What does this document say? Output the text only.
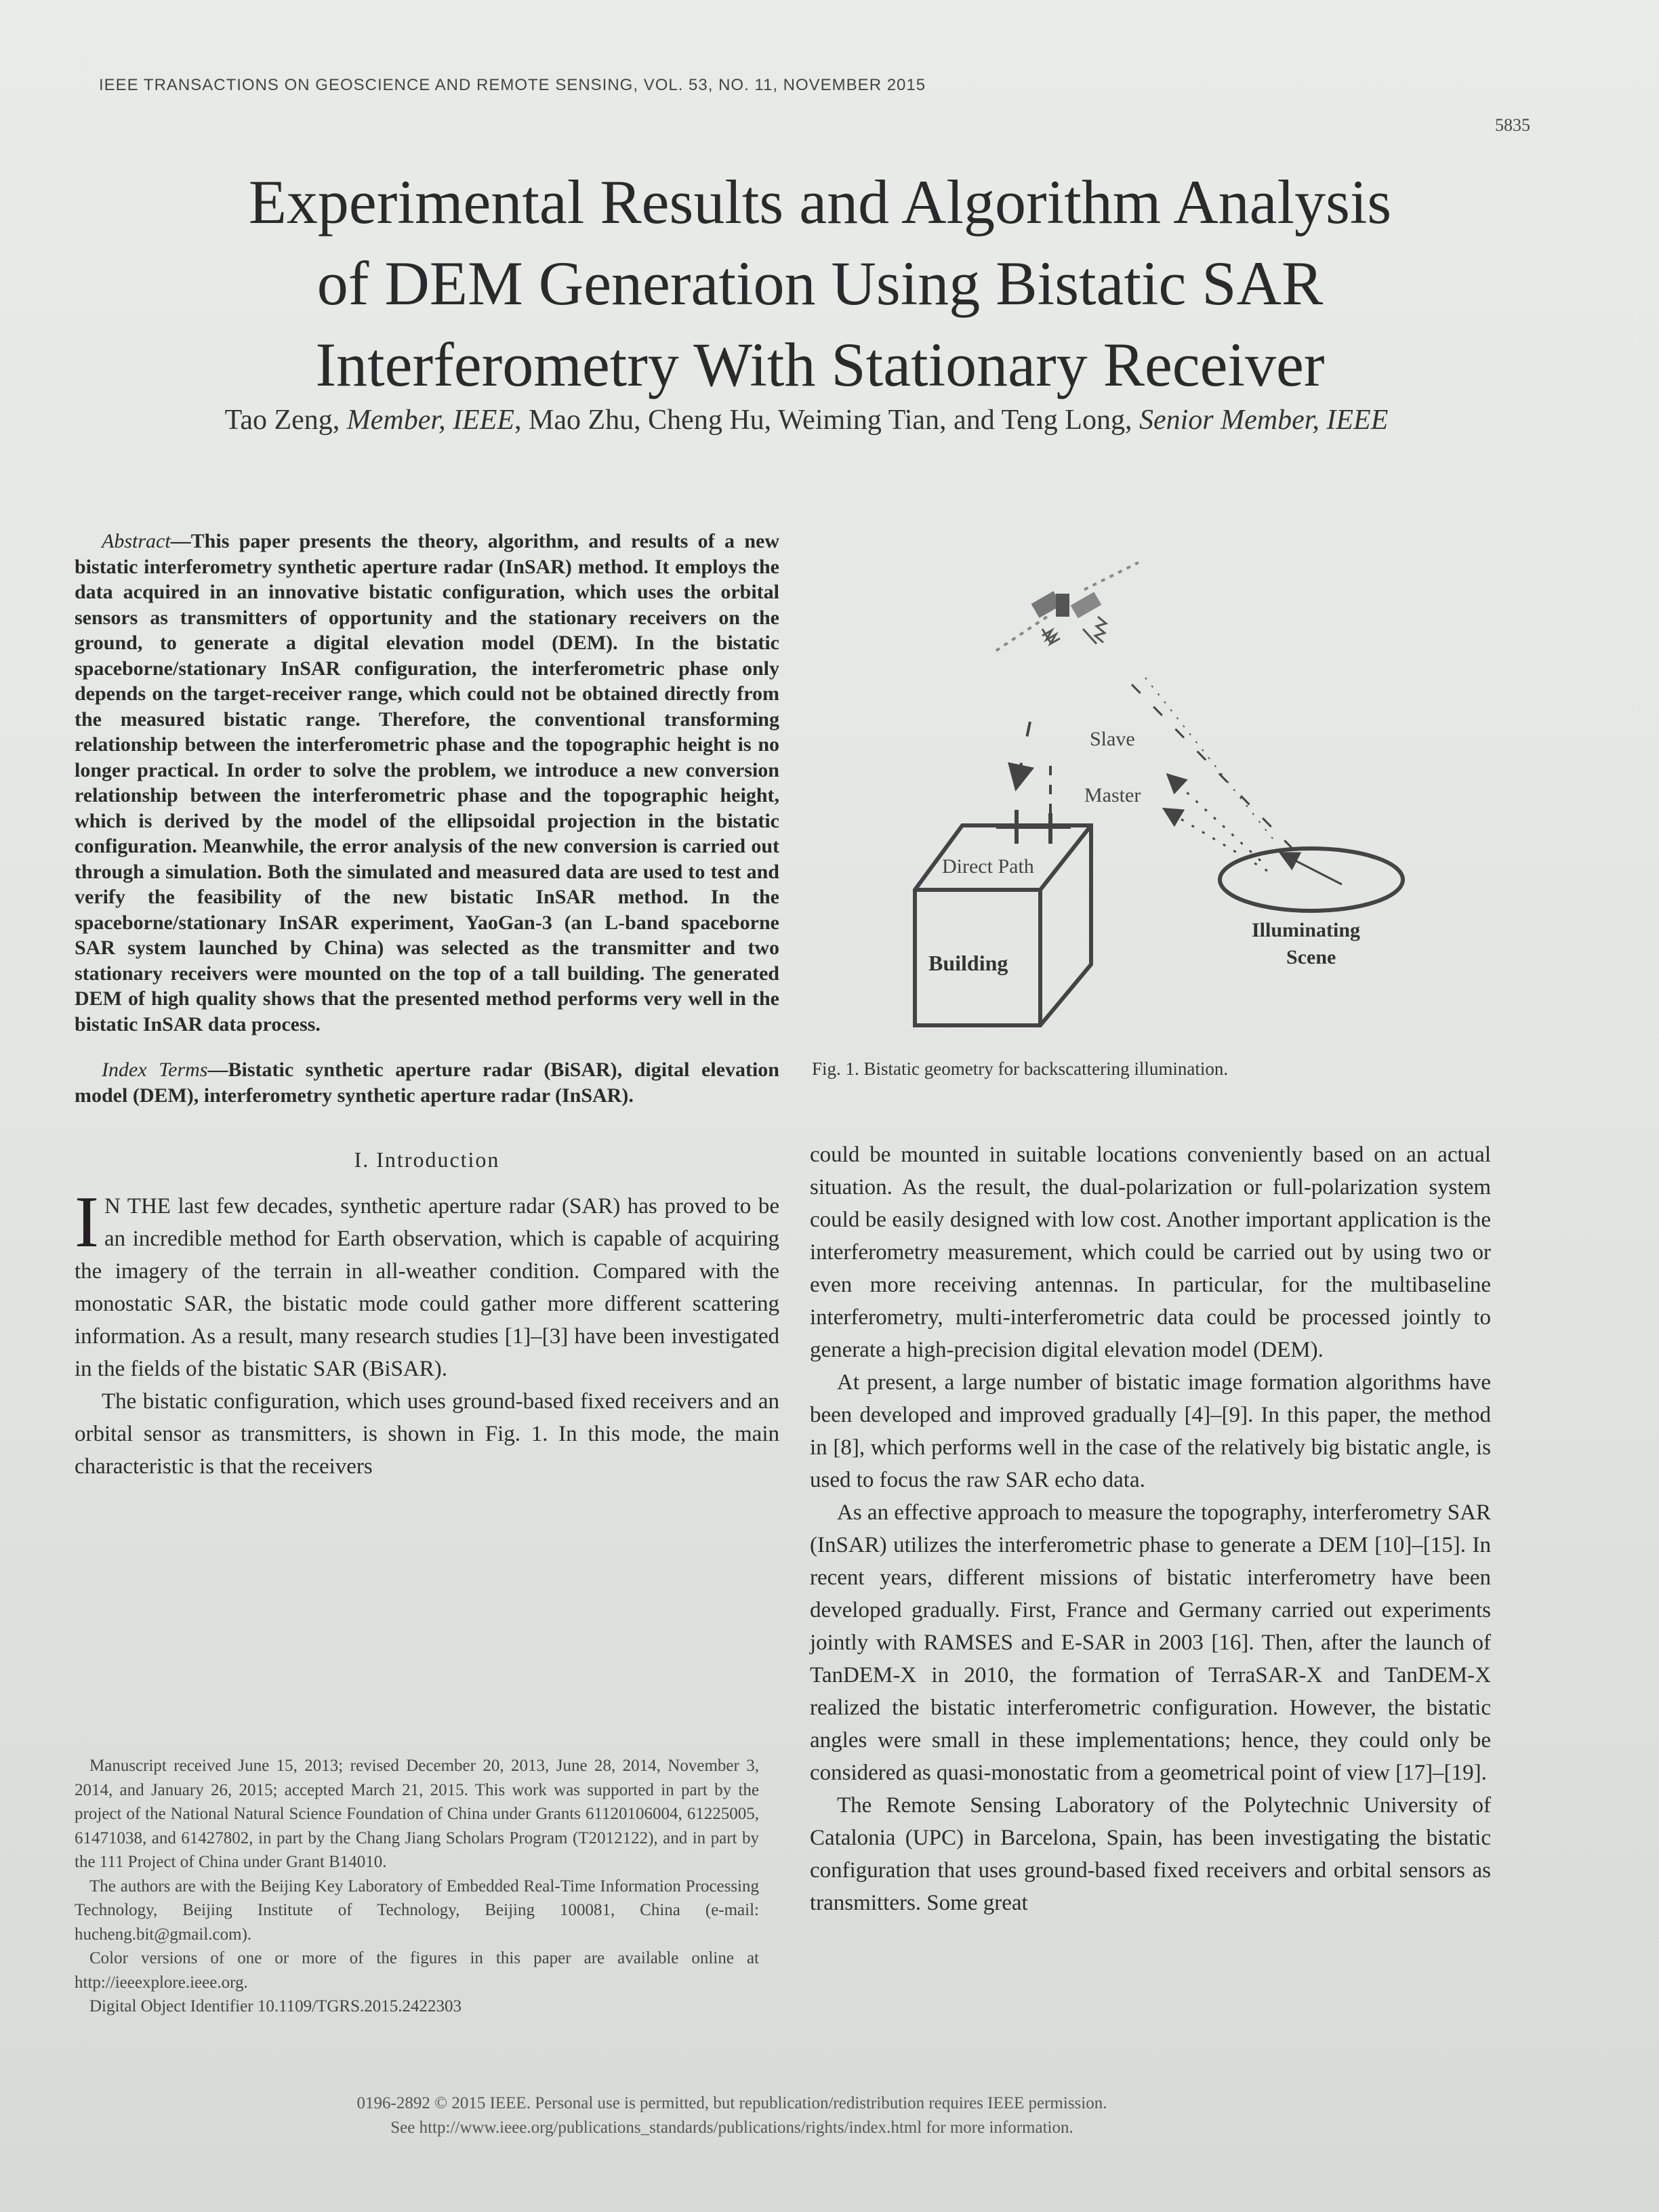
IEEE TRANSACTIONS ON GEOSCIENCE AND REMOTE SENSING, VOL. 53, NO. 11, NOVEMBER 2015
5835
Experimental Results and Algorithm Analysis
of DEM Generation Using Bistatic SAR
Interferometry With Stationary Receiver
Tao Zeng, Member, IEEE, Mao Zhu, Cheng Hu, Weiming Tian, and Teng Long, Senior Member, IEEE

Abstract—This paper presents the theory, algorithm, and results of a new bistatic interferometry synthetic aperture radar (InSAR) method. It employs the data acquired in an innovative bistatic configuration, which uses the orbital sensors as transmitters of opportunity and the stationary receivers on the ground, to generate a digital elevation model (DEM). In the bistatic spaceborne/stationary InSAR configuration, the interferometric phase only depends on the target-receiver range, which could not be obtained directly from the measured bistatic range. Therefore, the conventional transforming relationship between the interferometric phase and the topographic height is no longer practical. In order to solve the problem, we introduce a new conversion relationship between the interferometric phase and the topographic height, which is derived by the model of the ellipsoidal projection in the bistatic configuration. Meanwhile, the error analysis of the new conversion is carried out through a simulation. Both the simulated and measured data are used to test and verify the feasibility of the new bistatic InSAR method. In the spaceborne/stationary InSAR experiment, YaoGan-3 (an L-band spaceborne SAR system launched by China) was selected as the transmitter and two stationary receivers were mounted on the top of a tall building. The generated DEM of high quality shows that the presented method performs very well in the bistatic InSAR data process.

Index Terms—Bistatic synthetic aperture radar (BiSAR), digital elevation model (DEM), interferometry synthetic aperture radar (InSAR).

I. Introduction

I N THE last few decades, synthetic aperture radar (SAR) has proved to be an incredible method for Earth observation, which is capable of acquiring the imagery of the terrain in all-weather condition. Compared with the monostatic SAR, the bistatic mode could gather more different scattering information. As a result, many research studies [1]–[3] have been investigated in the fields of the bistatic SAR (BiSAR).

The bistatic configuration, which uses ground-based fixed receivers and an orbital sensor as transmitters, is shown in Fig. 1. In this mode, the main characteristic is that the receivers

Manuscript received June 15, 2013; revised December 20, 2013, June 28, 2014, November 3, 2014, and January 26, 2015; accepted March 21, 2015. This work was supported in part by the project of the National Natural Science Foundation of China under Grants 61120106004, 61225005, 61471038, and 61427802, in part by the Chang Jiang Scholars Program (T2012122), and in part by the 111 Project of China under Grant B14010.

The authors are with the Beijing Key Laboratory of Embedded Real-Time Information Processing Technology, Beijing Institute of Technology, Beijing 100081, China (e-mail: hucheng.bit@gmail.com).

Color versions of one or more of the figures in this paper are available online at http://ieeexplore.ieee.org.

Digital Object Identifier 10.1109/TGRS.2015.2422303

Slave
Master
Direct Path
Building
Illuminating
Scene
Fig. 1. Bistatic geometry for backscattering illumination.

could be mounted in suitable locations conveniently based on an actual situation. As the result, the dual-polarization or full-polarization system could be easily designed with low cost. Another important application is the interferometry measurement, which could be carried out by using two or even more receiving antennas. In particular, for the multibaseline interferometry, multi-interferometric data could be processed jointly to generate a high-precision digital elevation model (DEM).

At present, a large number of bistatic image formation algorithms have been developed and improved gradually [4]–[9]. In this paper, the method in [8], which performs well in the case of the relatively big bistatic angle, is used to focus the raw SAR echo data.

As an effective approach to measure the topography, interferometry SAR (InSAR) utilizes the interferometric phase to generate a DEM [10]–[15]. In recent years, different missions of bistatic interferometry have been developed gradually. First, France and Germany carried out experiments jointly with RAMSES and E-SAR in 2003 [16]. Then, after the launch of TanDEM-X in 2010, the formation of TerraSAR-X and TanDEM-X realized the bistatic interferometric configuration. However, the bistatic angles were small in these implementations; hence, they could only be considered as quasi-monostatic from a geometrical point of view [17]–[19].

The Remote Sensing Laboratory of the Polytechnic University of Catalonia (UPC) in Barcelona, Spain, has been investigating the bistatic configuration that uses ground-based fixed receivers and orbital sensors as transmitters. Some great

0196-2892 © 2015 IEEE. Personal use is permitted, but republication/redistribution requires IEEE permission.
See http://www.ieee.org/publications_standards/publications/rights/index.html for more information.
